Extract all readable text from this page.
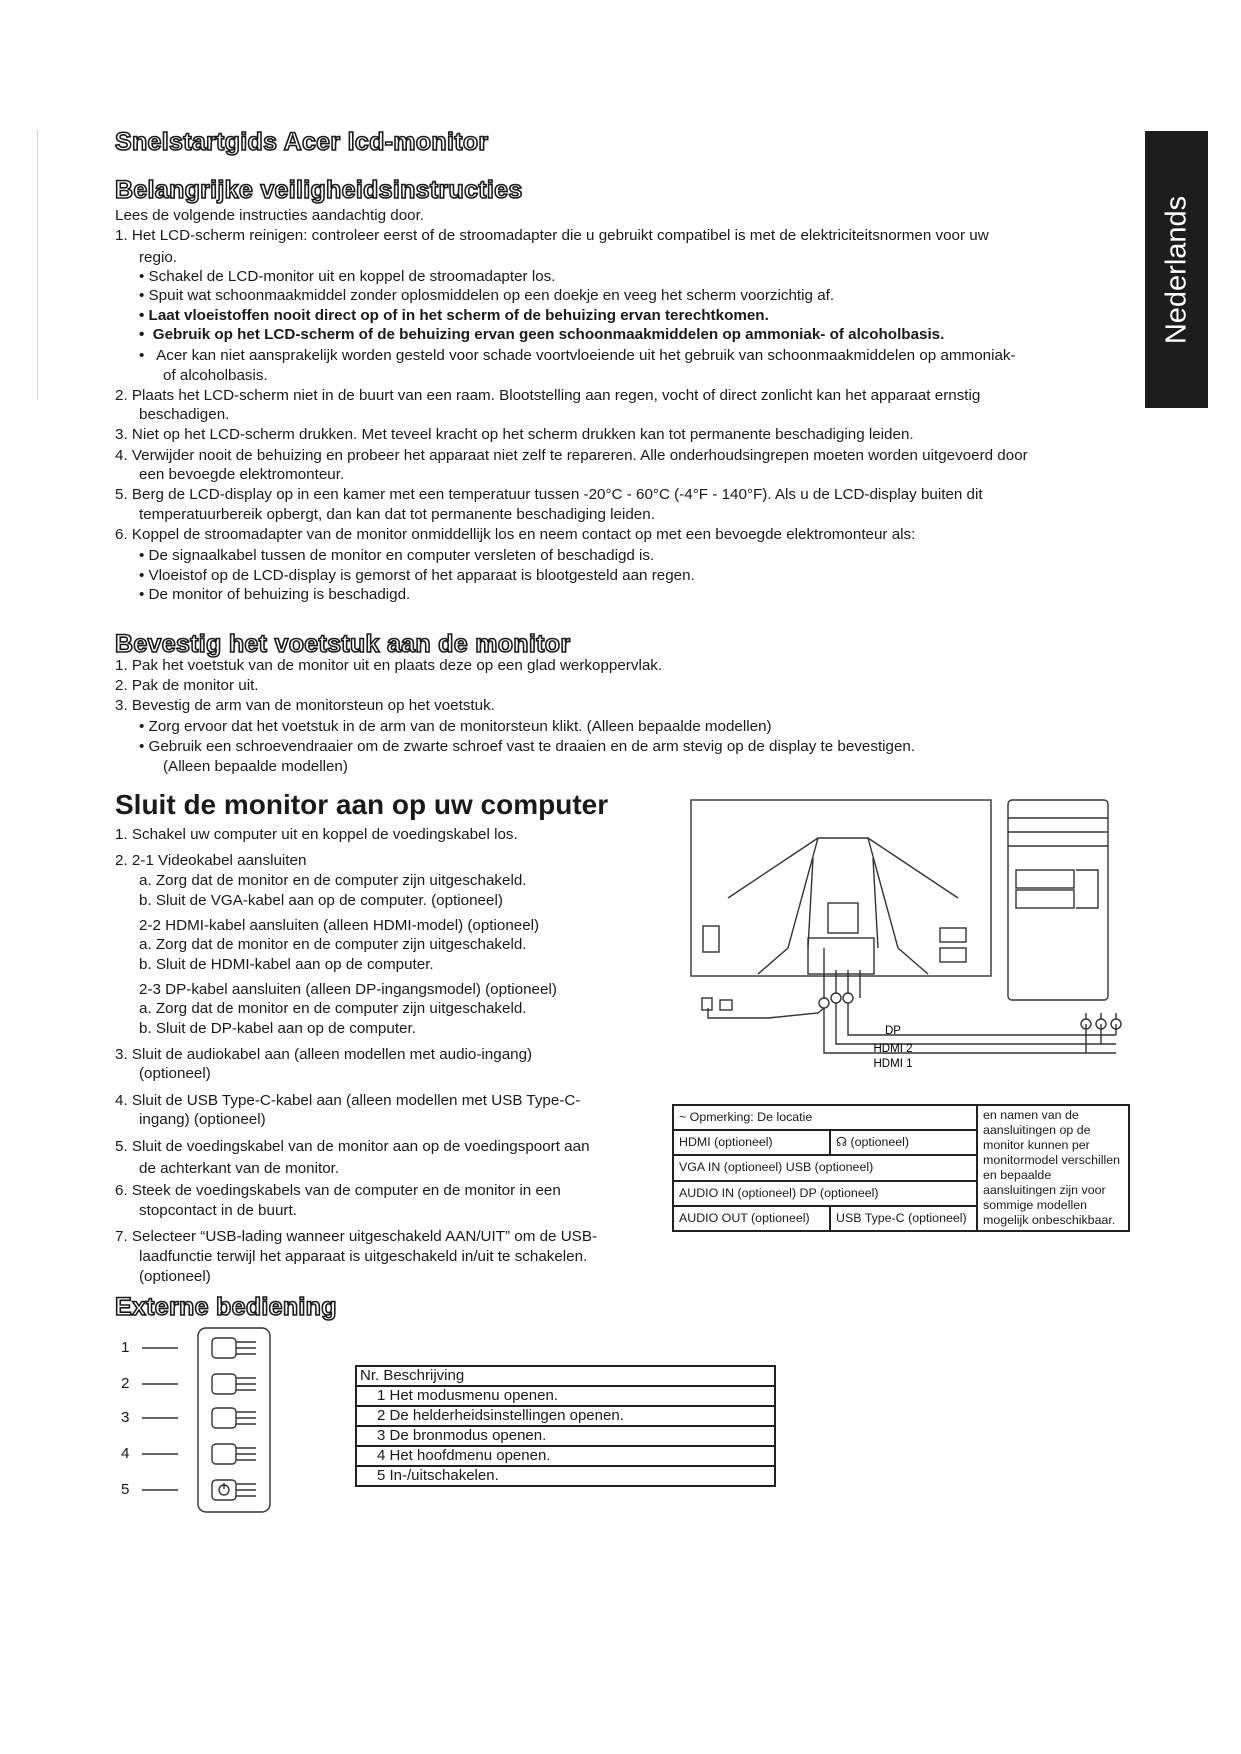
Nederlands
Snelstartgids Acer lcd-monitor
Belangrijke veiligheidsinstructies
Lees de volgende instructies aandachtig door.
1. Het LCD-scherm reinigen: controleer eerst of de stroomadapter die u gebruikt compatibel is met de elektriciteitsnormen voor uw
regio.
• Schakel de LCD-monitor uit en koppel de stroomadapter los.
• Spuit wat schoonmaakmiddel zonder oplosmiddelen op een doekje en veeg het scherm voorzichtig af.
• Laat vloeistoffen nooit direct op of in het scherm of de behuizing ervan terechtkomen.
•  Gebruik op het LCD-scherm of de behuizing ervan geen schoonmaakmiddelen op ammoniak- of alcoholbasis.
•   Acer kan niet aansprakelijk worden gesteld voor schade voortvloeiende uit het gebruik van schoonmaakmiddelen op ammoniak-
of alcoholbasis.
2. Plaats het LCD-scherm niet in de buurt van een raam. Blootstelling aan regen, vocht of direct zonlicht kan het apparaat ernstig
beschadigen.
3. Niet op het LCD-scherm drukken. Met teveel kracht op het scherm drukken kan tot permanente beschadiging leiden.
4. Verwijder nooit de behuizing en probeer het apparaat niet zelf te repareren. Alle onderhoudsingrepen moeten worden uitgevoerd door
een bevoegde elektromonteur.
5. Berg de LCD-display op in een kamer met een temperatuur tussen -20°C - 60°C (-4°F - 140°F). Als u de LCD-display buiten dit
temperatuurbereik opbergt, dan kan dat tot permanente beschadiging leiden.
6. Koppel de stroomadapter van de monitor onmiddellijk los en neem contact op met een bevoegde elektromonteur als:
• De signaalkabel tussen de monitor en computer versleten of beschadigd is.
• Vloeistof op de LCD-display is gemorst of het apparaat is blootgesteld aan regen.
• De monitor of behuizing is beschadigd.
Bevestig het voetstuk aan de monitor
1. Pak het voetstuk van de monitor uit en plaats deze op een glad werkoppervlak.
2. Pak de monitor uit.
3. Bevestig de arm van de monitorsteun op het voetstuk.
• Zorg ervoor dat het voetstuk in de arm van de monitorsteun klikt. (Alleen bepaalde modellen)
• Gebruik een schroevendraaier om de zwarte schroef vast te draaien en de arm stevig op de display te bevestigen.
(Alleen bepaalde modellen)
Sluit de monitor aan op uw computer
1. Schakel uw computer uit en koppel de voedingskabel los.
2. 2-1 Videokabel aansluiten
a. Zorg dat de monitor en de computer zijn uitgeschakeld.
b. Sluit de VGA-kabel aan op de computer. (optioneel)
2-2 HDMI-kabel aansluiten (alleen HDMI-model) (optioneel)
a. Zorg dat de monitor en de computer zijn uitgeschakeld.
b. Sluit de HDMI-kabel aan op de computer.
2-3 DP-kabel aansluiten (alleen DP-ingangsmodel) (optioneel)
a. Zorg dat de monitor en de computer zijn uitgeschakeld.
b. Sluit de DP-kabel aan op de computer.
3. Sluit de audiokabel aan (alleen modellen met audio-ingang)
(optioneel)
4. Sluit de USB Type-C-kabel aan (alleen modellen met USB Type-C-
ingang) (optioneel)
5. Sluit de voedingskabel van de monitor aan op de voedingspoort aan
de achterkant van de monitor.
6. Steek de voedingskabels van de computer en de monitor in een
stopcontact in de buurt.
7. Selecteer “USB-lading wanneer uitgeschakeld AAN/UIT” om de USB-
laadfunctie terwijl het apparaat is uitgeschakeld in/uit te schakelen.
(optioneel)
DP
HDMI 2
HDMI 1
~ Opmerking: De locatie		en namen van de aansluitingen op de monitor kunnen per monitormodel verschillen en bepaalde aansluitingen zijn voor sommige modellen mogelijk onbeschikbaar.
HDMI (optioneel)	☊ (optioneel)	
VGA IN (optioneel) USB (optioneel)		
AUDIO IN (optioneel) DP (optioneel)		
AUDIO OUT (optioneel)	USB Type-C (optioneel)	
Externe bediening
1
2
3
4
5
Nr. Beschrijving
1 Het modusmenu openen.
2 De helderheidsinstellingen openen.
3 De bronmodus openen.
4 Het hoofdmenu openen.
5 In-/uitschakelen.
